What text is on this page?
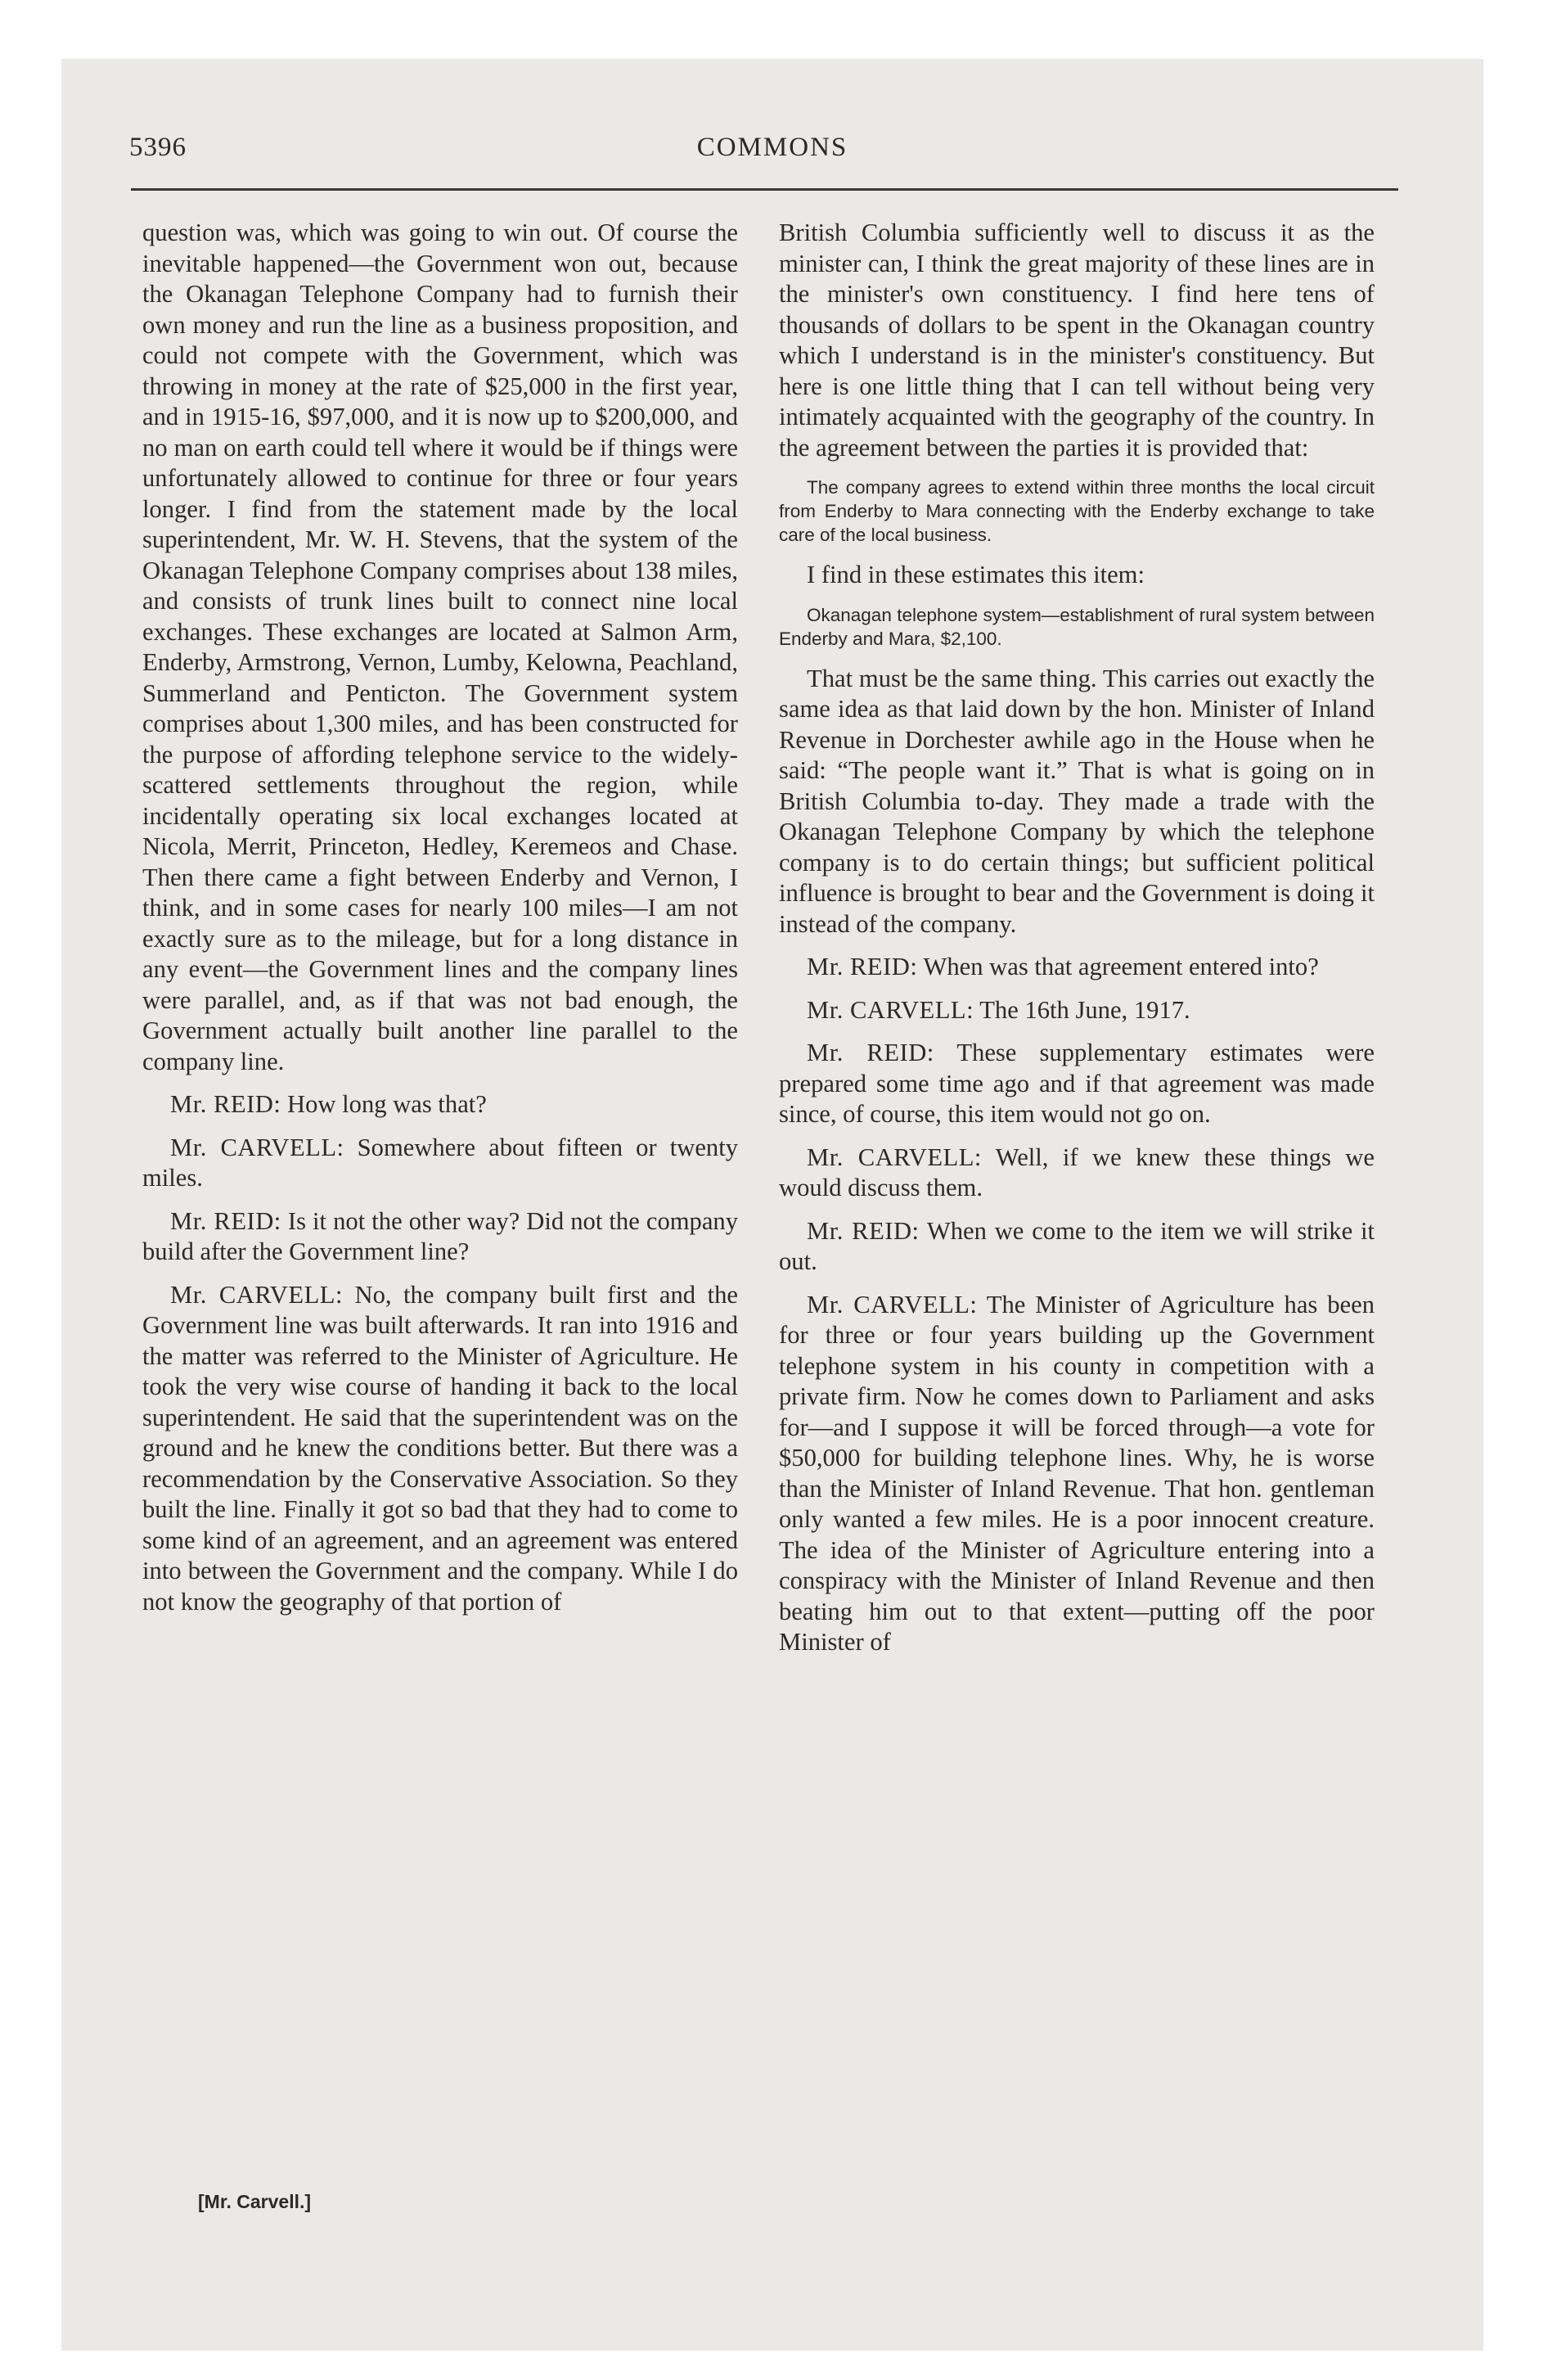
5396	COMMONS

question was, which was going to win out. Of course the inevitable happened—the Government won out, because the Okanagan Telephone Company had to furnish their own money and run the line as a business proposition, and could not compete with the Government, which was throwing in money at the rate of $25,000 in the first year, and in 1915-16, $97,000, and it is now up to $200,000, and no man on earth could tell where it would be if things were unfortunately allowed to continue for three or four years longer. I find from the statement made by the local superintendent, Mr. W. H. Stevens, that the system of the Okanagan Telephone Company comprises about 138 miles, and consists of trunk lines built to connect nine local exchanges. These exchanges are located at Salmon Arm, Enderby, Armstrong, Vernon, Lumby, Kelowna, Peachland, Summerland and Penticton. The Government system comprises about 1,300 miles, and has been constructed for the purpose of affording telephone service to the widely-scattered settlements throughout the region, while incidentally operating six local exchanges located at Nicola, Merrit, Princeton, Hedley, Keremeos and Chase. Then there came a fight between Enderby and Vernon, I think, and in some cases for nearly 100 miles—I am not exactly sure as to the mileage, but for a long distance in any event—the Government lines and the company lines were parallel, and, as if that was not bad enough, the Government actually built another line parallel to the company line.

Mr. REID: How long was that?

Mr. CARVELL: Somewhere about fifteen or twenty miles.

Mr. REID: Is it not the other way? Did not the company build after the Government line?

Mr. CARVELL: No, the company built first and the Government line was built afterwards. It ran into 1916 and the matter was referred to the Minister of Agriculture. He took the very wise course of handing it back to the local superintendent. He said that the superintendent was on the ground and he knew the conditions better. But there was a recommendation by the Conservative Association. So they built the line. Finally it got so bad that they had to come to some kind of an agreement, and an agreement was entered into between the Government and the company. While I do not know the geography of that portion of

British Columbia sufficiently well to discuss it as the minister can, I think the great majority of these lines are in the minister's own constituency. I find here tens of thousands of dollars to be spent in the Okanagan country which I understand is in the minister's constituency. But here is one little thing that I can tell without being very intimately acquainted with the geography of the country. In the agreement between the parties it is provided that:

The company agrees to extend within three months the local circuit from Enderby to Mara connecting with the Enderby exchange to take care of the local business.

I find in these estimates this item:

Okanagan telephone system—establishment of rural system between Enderby and Mara, $2,100.

That must be the same thing. This carries out exactly the same idea as that laid down by the hon. Minister of Inland Revenue in Dorchester awhile ago in the House when he said: “The people want it.” That is what is going on in British Columbia to-day. They made a trade with the Okanagan Telephone Company by which the telephone company is to do certain things; but sufficient political influence is brought to bear and the Government is doing it instead of the company.

Mr. REID: When was that agreement entered into?

Mr. CARVELL: The 16th June, 1917.

Mr. REID: These supplementary estimates were prepared some time ago and if that agreement was made since, of course, this item would not go on.

Mr. CARVELL: Well, if we knew these things we would discuss them.

Mr. REID: When we come to the item we will strike it out.

Mr. CARVELL: The Minister of Agriculture has been for three or four years building up the Government telephone system in his county in competition with a private firm. Now he comes down to Parliament and asks for—and I suppose it will be forced through—a vote for $50,000 for building telephone lines. Why, he is worse than the Minister of Inland Revenue. That hon. gentleman only wanted a few miles. He is a poor innocent creature. The idea of the Minister of Agriculture entering into a conspiracy with the Minister of Inland Revenue and then beating him out to that extent—putting off the poor Minister of

[Mr. Carvell.]
